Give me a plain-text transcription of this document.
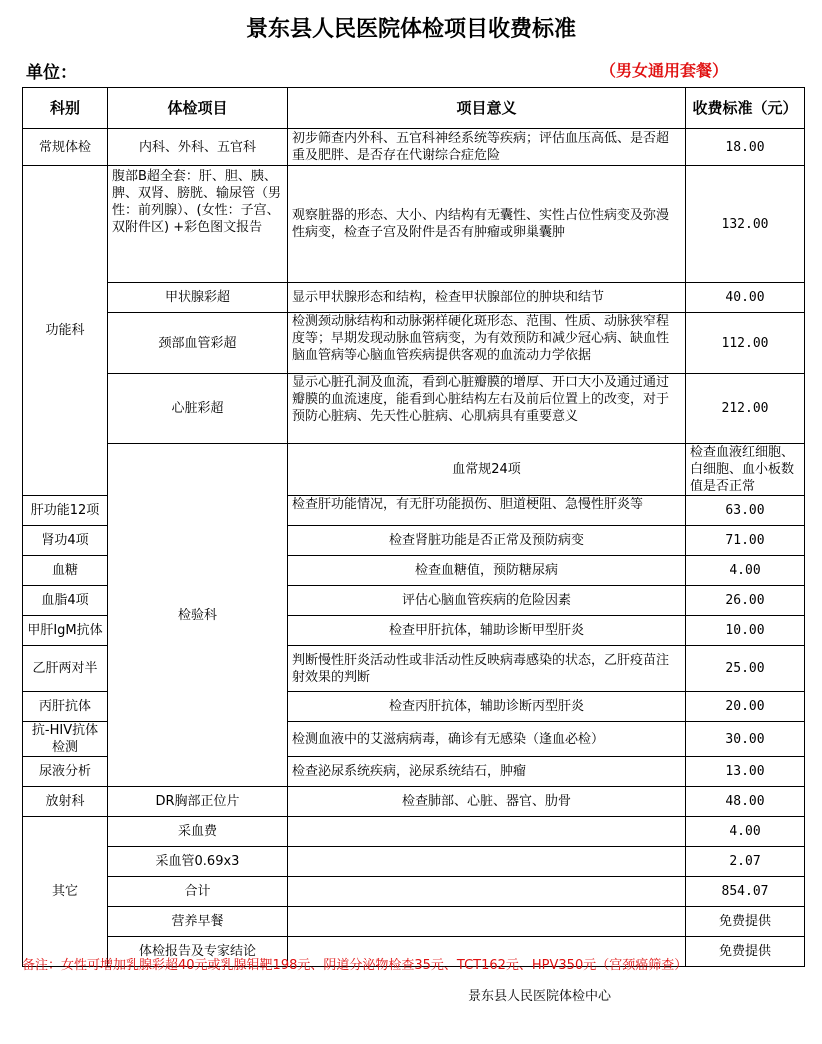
景东县人民医院体检项目收费标准
单位：	（男女通用套餐）
科别	体检项目	项目意义	收费标准（元）	
常规体检	内科、外科、五官科	初步筛查内外科、五官科神经系统等疾病；评估血压高低、是否超重及肥胖、是否存在代谢综合症危险	18.00	
功能科	腹部B超全套：肝、胆、胰、脾、双肾、膀胱、输尿管（男性：前列腺）、(女性：子宫、双附件区) +彩色图文报告	观察脏器的形态、大小、内结构有无囊性、实性占位性病变及弥漫性病变，检查子宫及附件是否有肿瘤或卵巢囊肿	132.00	
	甲状腺彩超	显示甲状腺形态和结构，检查甲状腺部位的肿块和结节	40.00	
	颈部血管彩超	检测颈动脉结构和动脉粥样硬化斑形态、范围、性质、动脉狭窄程度等；早期发现动脉血管病变，为有效预防和减少冠心病、缺血性脑血管病等心脑血管疾病提供客观的血流动力学依据	112.00	
	心脏彩超	显示心脏孔洞及血流，看到心脏瓣膜的增厚、开口大小及通过通过瓣膜的血流速度，能看到心脏结构左右及前后位置上的改变，对于预防心脏病、先天性心脏病、心肌病具有重要意义	212.00	
	检验科	血常规24项	检查血液红细胞、白细胞、血小板数值是否正常	
肝功能12项		检查肝功能情况，有无肝功能损伤、胆道梗阻、急慢性肝炎等	63.00	
肾功4项		检查肾脏功能是否正常及预防病变	71.00	
血糖		检查血糖值，预防糖尿病	4.00	
血脂4项		评估心脑血管疾病的危险因素	26.00	
甲肝IgM抗体		检查甲肝抗体，辅助诊断甲型肝炎	10.00	
乙肝两对半		判断慢性肝炎活动性或非活动性反映病毒感染的状态，乙肝疫苗注射效果的判断	25.00	
丙肝抗体		检查丙肝抗体，辅助诊断丙型肝炎	20.00	
抗-HIV抗体检测		检测血液中的艾滋病病毒，确诊有无感染（逢血必检）	30.00	
尿液分析		检查泌尿系统疾病，泌尿系统结石，肿瘤	13.00	
放射科	DR胸部正位片	检查肺部、心脏、器官、肋骨	48.00	
其它	采血费		4.00	
	采血管0.69x3		2.07	
	合计		854.07	
	营养早餐		免费提供	
	体检报告及专家结论		免费提供	
备注：女性可增加乳腺彩超40元或乳腺钼靶198元、阴道分泌物检查35元、TCT162元、HPV350元（宫颈癌筛查）
景东县人民医院体检中心
